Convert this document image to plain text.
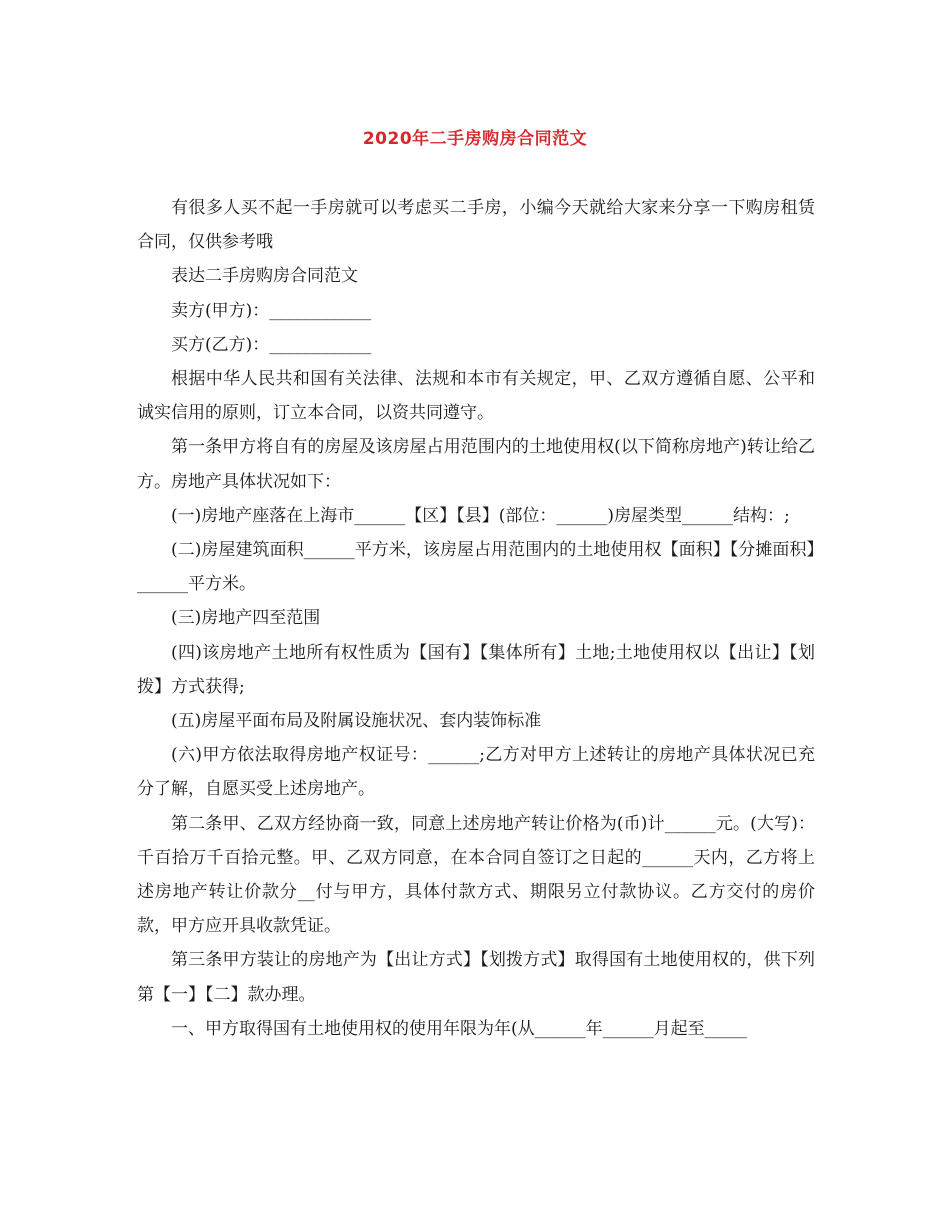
2020年二手房购房合同范文

有很多人买不起一手房就可以考虑买二手房，小编今天就给大家来分享一下购房租赁合同，仅供参考哦

表达二手房购房合同范文

卖方(甲方)：____________

买方(乙方)：____________

根据中华人民共和国有关法律、法规和本市有关规定，甲、乙双方遵循自愿、公平和诚实信用的原则，订立本合同，以资共同遵守。

第一条甲方将自有的房屋及该房屋占用范围内的土地使用权(以下简称房地产)转让给乙方。房地产具体状况如下：

(一)房地产座落在上海市______【区】【县】(部位：______)房屋类型______结构：;

(二)房屋建筑面积______平方米，该房屋占用范围内的土地使用权【面积】【分摊面积】______平方米。

(三)房地产四至范围

(四)该房地产土地所有权性质为【国有】【集体所有】土地;土地使用权以【出让】【划拨】方式获得;

(五)房屋平面布局及附属设施状况、套内装饰标准

(六)甲方依法取得房地产权证号：______;乙方对甲方上述转让的房地产具体状况已充分了解，自愿买受上述房地产。

第二条甲、乙双方经协商一致，同意上述房地产转让价格为(币)计______元。(大写)：千百拾万千百拾元整。甲、乙双方同意，在本合同自签订之日起的______天内，乙方将上述房地产转让价款分__付与甲方，具体付款方式、期限另立付款协议。乙方交付的房价款，甲方应开具收款凭证。

第三条甲方装让的房地产为【出让方式】【划拨方式】取得国有土地使用权的，供下列第【一】【二】款办理。

一、甲方取得国有土地使用权的使用年限为年(从______年______月起至_____
